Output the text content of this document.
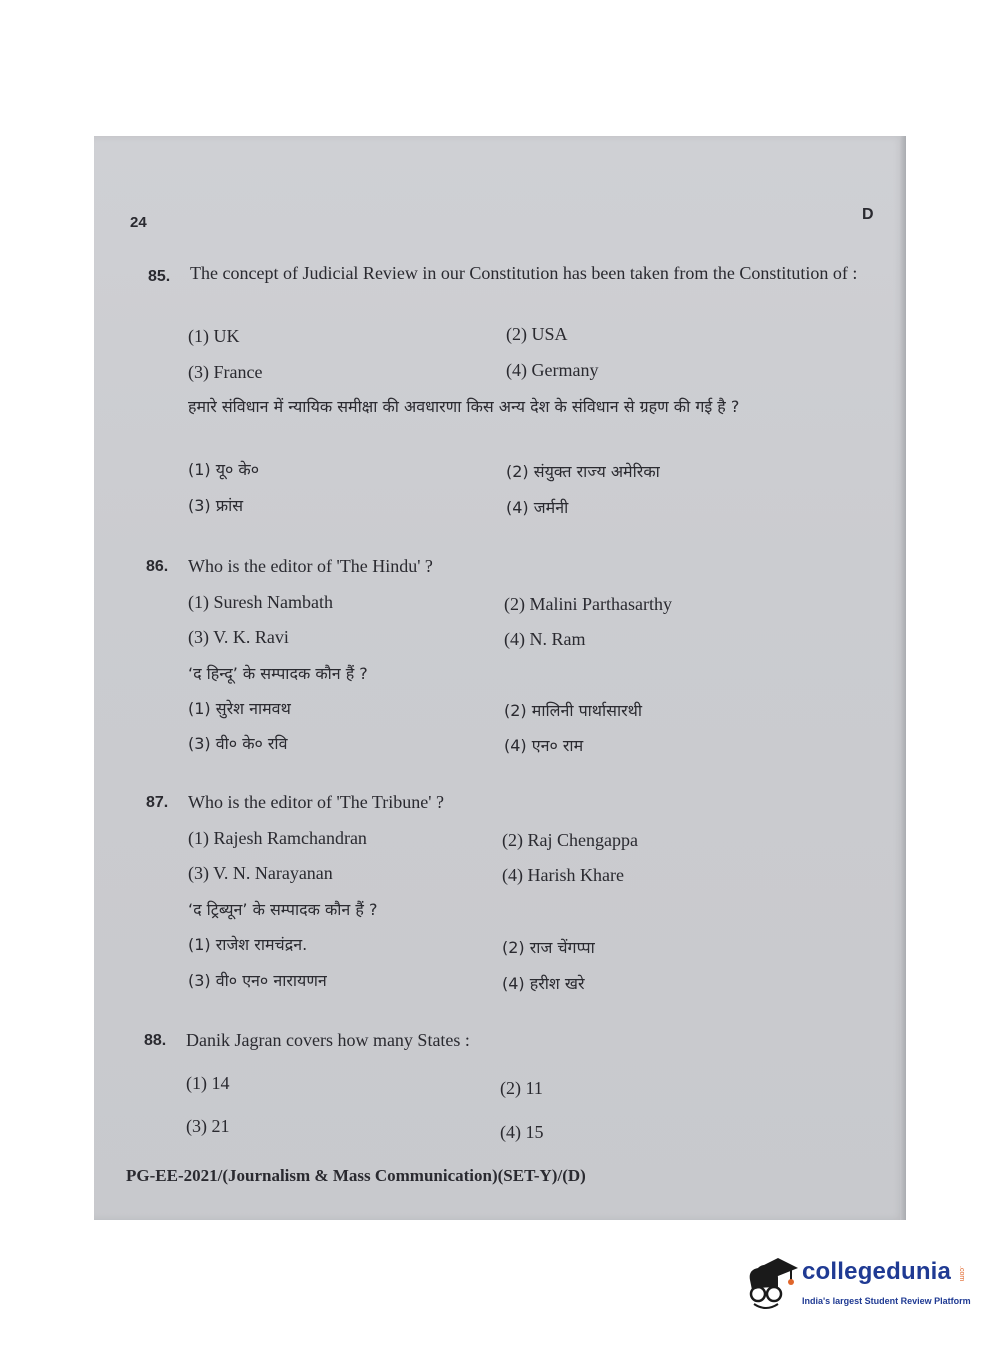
24	D
85. The concept of Judicial Review in our Constitution has been taken from the Constitution of :
(1) UK	(2) USA
(3) France	(4) Germany
हमारे संविधान में न्यायिक समीक्षा की अवधारणा किस अन्य देश के संविधान से ग्रहण की गई है ?
(1) यू० के०	(2) संयुक्त राज्य अमेरिका
(3) फ्रांस	(4) जर्मनी
86. Who is the editor of 'The Hindu' ?
(1) Suresh Nambath	(2) Malini Parthasarthy
(3) V. K. Ravi	(4) N. Ram
‘द हिन्दू’ के सम्पादक कौन हैं ?
(1) सुरेश नामवथ	(2) मालिनी पार्थासारथी
(3) वी० के० रवि	(4) एन० राम
87. Who is the editor of 'The Tribune' ?
(1) Rajesh Ramchandran	(2) Raj Chengappa
(3) V. N. Narayanan	(4) Harish Khare
‘द ट्रिब्यून’ के सम्पादक कौन हैं ?
(1) राजेश रामचंद्रन.	(2) राज चेंगप्पा
(3) वी० एन० नारायणन	(4) हरीश खरे
88. Danik Jagran covers how many States :
(1) 14	(2) 11
(3) 21	(4) 15
PG-EE-2021/(Journalism & Mass Communication)(SET-Y)/(D)
collegedunia .com
India's largest Student Review Platform
